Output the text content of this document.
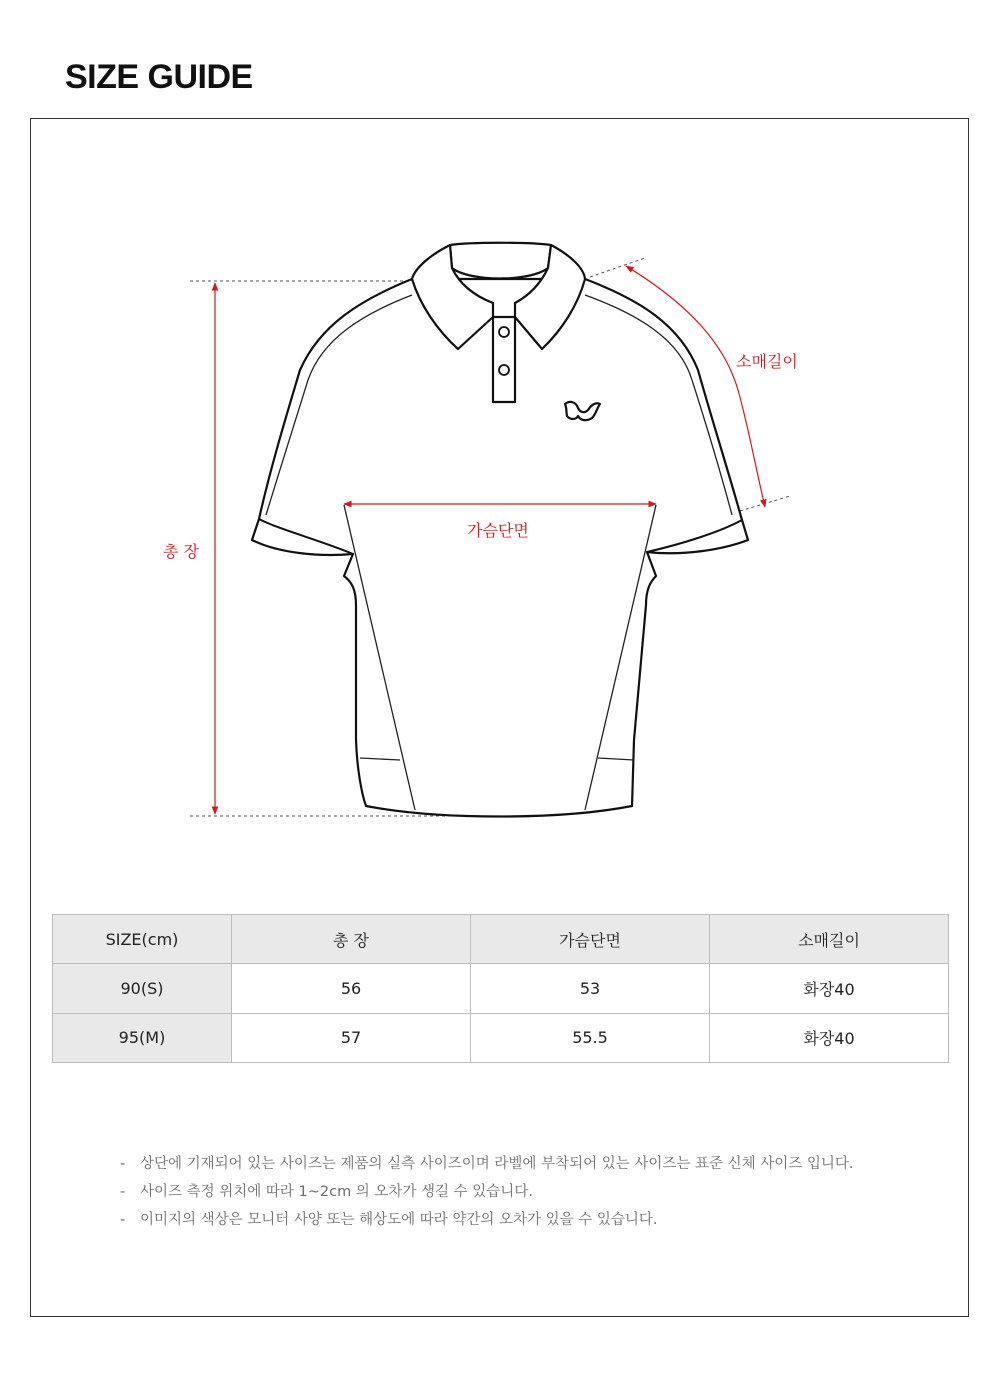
SIZE GUIDE
총 장
가슴단면
소매길이
SIZE(cm)	총 장	가슴단면	소매길이
90(S)	56	53	화장40
95(M)	57	55.5	화장40
- 상단에 기재되어 있는 사이즈는 제품의 실측 사이즈이며 라벨에 부착되어 있는 사이즈는 표준 신체 사이즈 입니다.
- 사이즈 측정 위치에 따라 1~2cm 의 오차가 생길 수 있습니다.
- 이미지의 색상은 모니터 사양 또는 해상도에 따라 약간의 오차가 있을 수 있습니다.
